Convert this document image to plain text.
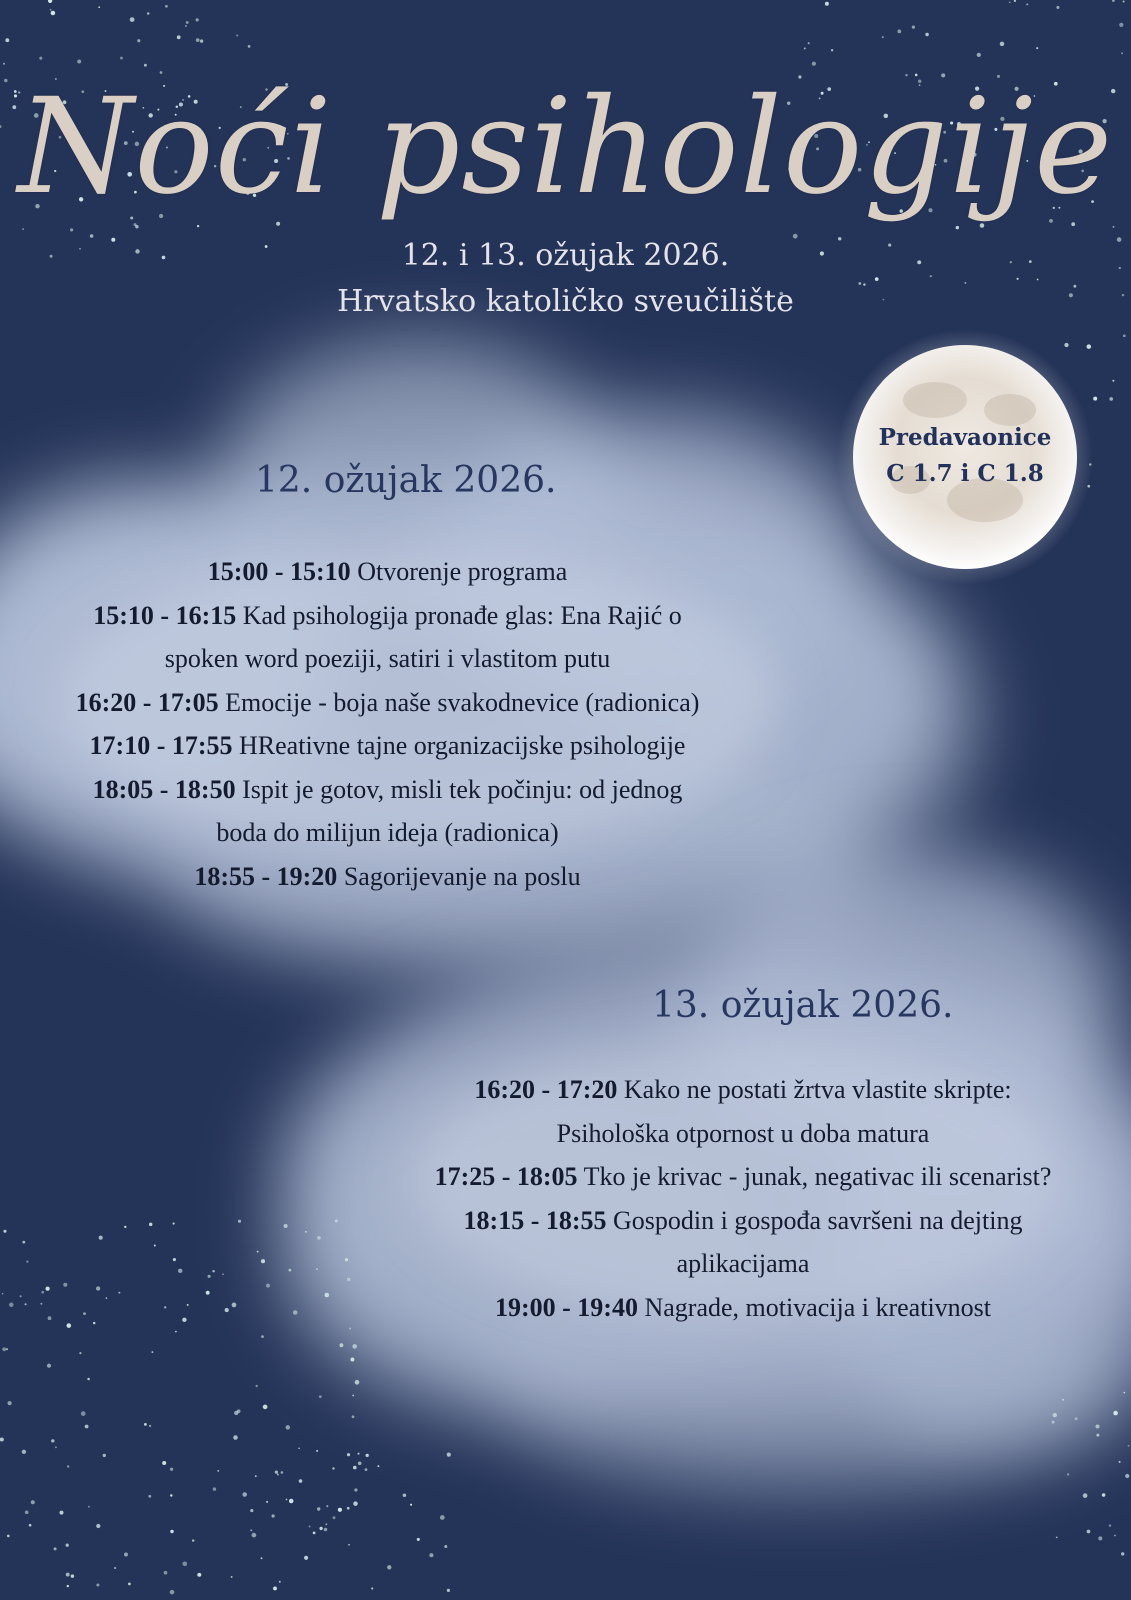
Noći psihologije
12. i 13. ožujak 2026.
Hrvatsko katoličko sveučilište
Predavaonice
C 1.7 i C 1.8
12. ožujak 2026.
15:00 - 15:10 Otvorenje programa
15:10 - 16:15 Kad psihologija pronađe glas: Ena Rajić o
spoken word poeziji, satiri i vlastitom putu
16:20 - 17:05 Emocije - boja naše svakodnevice (radionica)
17:10 - 17:55 HReativne tajne organizacijske psihologije
18:05 - 18:50 Ispit je gotov, misli tek počinju: od jednog
boda do milijun ideja (radionica)
18:55 - 19:20 Sagorijevanje na poslu
13. ožujak 2026.
16:20 - 17:20 Kako ne postati žrtva vlastite skripte:
Psihološka otpornost u doba matura
17:25 - 18:05 Tko je krivac - junak, negativac ili scenarist?
18:15 - 18:55 Gospodin i gospođa savršeni na dejting
aplikacijama
19:00 - 19:40 Nagrade, motivacija i kreativnost
